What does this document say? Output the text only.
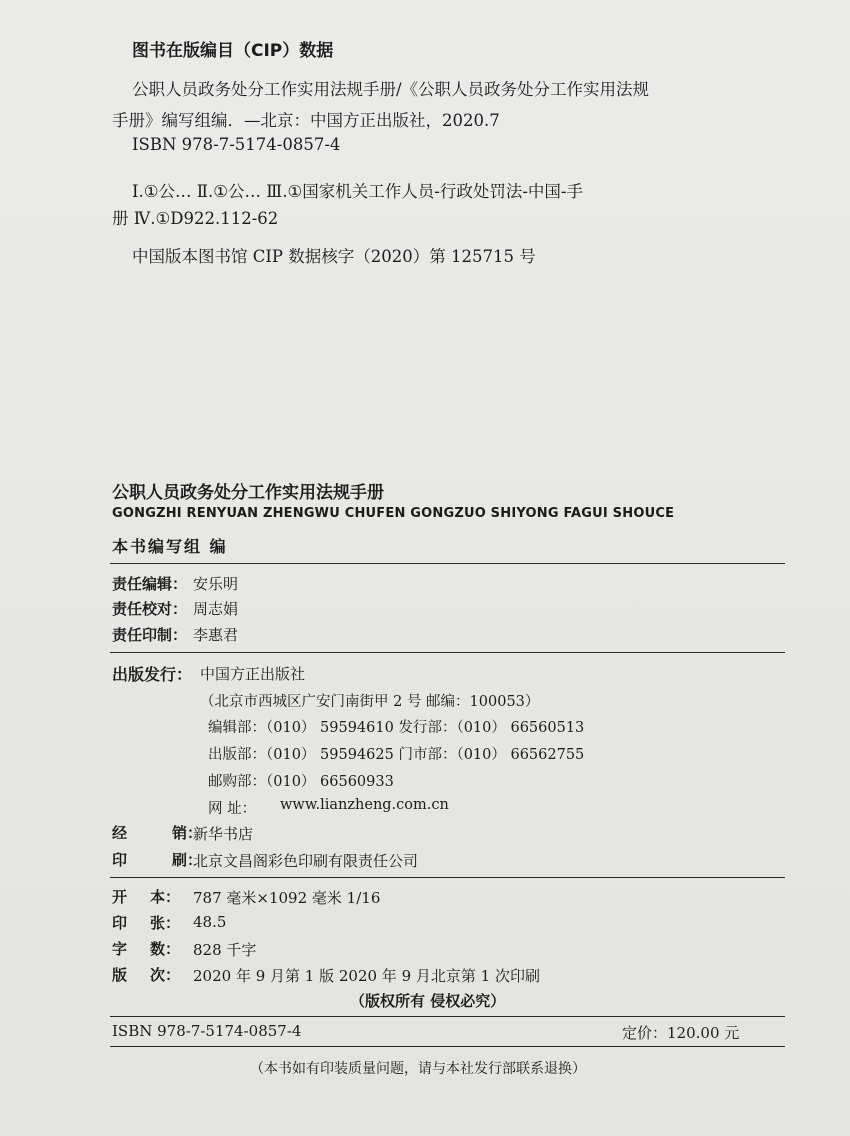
图书在版编目（CIP）数据
公职人员政务处分工作实用法规手册/《公职人员政务处分工作实用法规
手册》编写组编．—北京：中国方正出版社，2020.7
ISBN 978-7-5174-0857-4
Ⅰ.①公… Ⅱ.①公… Ⅲ.①国家机关工作人员-行政处罚法-中国-手
册 Ⅳ.①D922.112-62
中国版本图书馆 CIP 数据核字（2020）第 125715 号
公职人员政务处分工作实用法规手册
GONGZHI RENYUAN ZHENGWU CHUFEN GONGZUO SHIYONG FAGUI SHOUCE
本书编写组 编
责任编辑： 安乐明
责任校对： 周志娟
责任印制： 李惠君
出版发行： 中国方正出版社
（北京市西城区广安门南街甲 2 号 邮编：100053）
编辑部：（010） 59594610 发行部：（010） 66560513
出版部：（010） 59594625 门市部：（010） 66562755
邮购部：（010） 66560933
网 址： www.lianzheng.com.cn
经	销：
新华书店
印	刷：
北京文昌阁彩色印刷有限责任公司
开 本： 787 毫米×1092 毫米 1/16
印 张： 48.5
字 数： 828 千字
版 次： 2020 年 9 月第 1 版 2020 年 9 月北京第 1 次印刷
（版权所有 侵权必究）
ISBN 978-7-5174-0857-4	定价：120.00 元
（本书如有印装质量问题，请与本社发行部联系退换）
